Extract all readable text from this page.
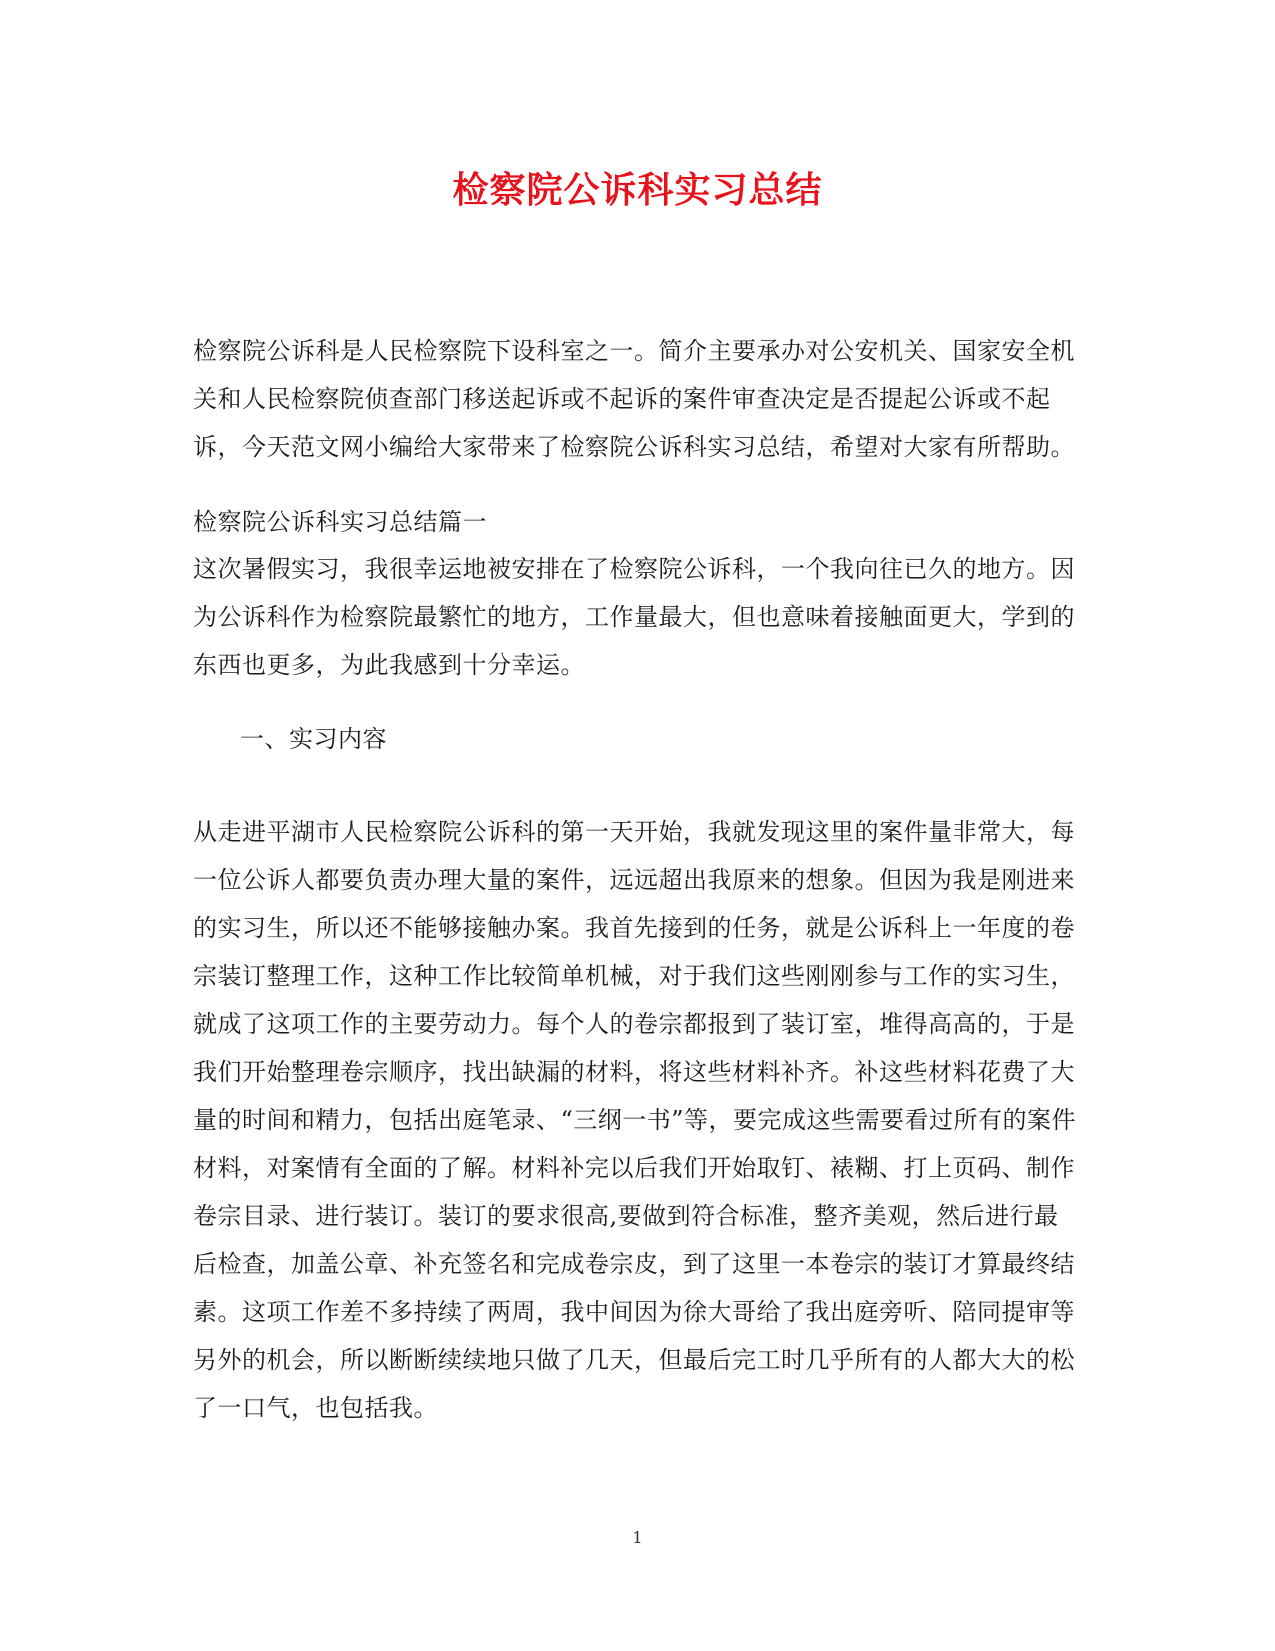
检察院公诉科实习总结

检察院公诉科是人民检察院下设科室之一。简介主要承办对公安机关、国家安全机关和人民检察院侦查部门移送起诉或不起诉的案件审查决定是否提起公诉或不起诉，今天范文网小编给大家带来了检察院公诉科实习总结，希望对大家有所帮助。

检察院公诉科实习总结篇一

这次暑假实习，我很幸运地被安排在了检察院公诉科，一个我向往已久的地方。因为公诉科作为检察院最繁忙的地方，工作量最大，但也意味着接触面更大，学到的东西也更多，为此我感到十分幸运。

一、实习内容

从走进平湖市人民检察院公诉科的第一天开始，我就发现这里的案件量非常大，每一位公诉人都要负责办理大量的案件，远远超出我原来的想象。但因为我是刚进来的实习生，所以还不能够接触办案。我首先接到的任务，就是公诉科上一年度的卷宗装订整理工作，这种工作比较简单机械，对于我们这些刚刚参与工作的实习生，就成了这项工作的主要劳动力。每个人的卷宗都报到了装订室，堆得高高的，于是我们开始整理卷宗顺序，找出缺漏的材料，将这些材料补齐。补这些材料花费了大量的时间和精力，包括出庭笔录、“三纲一书”等，要完成这些需要看过所有的案件材料，对案情有全面的了解。材料补完以后我们开始取钉、裱糊、打上页码、制作卷宗目录、进行装订。装订的要求很高,要做到符合标准，整齐美观，然后进行最后检查，加盖公章、补充签名和完成卷宗皮，到了这里一本卷宗的装订才算最终结素。这项工作差不多持续了两周，我中间因为徐大哥给了我出庭旁听、陪同提审等另外的机会，所以断断续续地只做了几天，但最后完工时几乎所有的人都大大的松了一口气，也包括我。

1
